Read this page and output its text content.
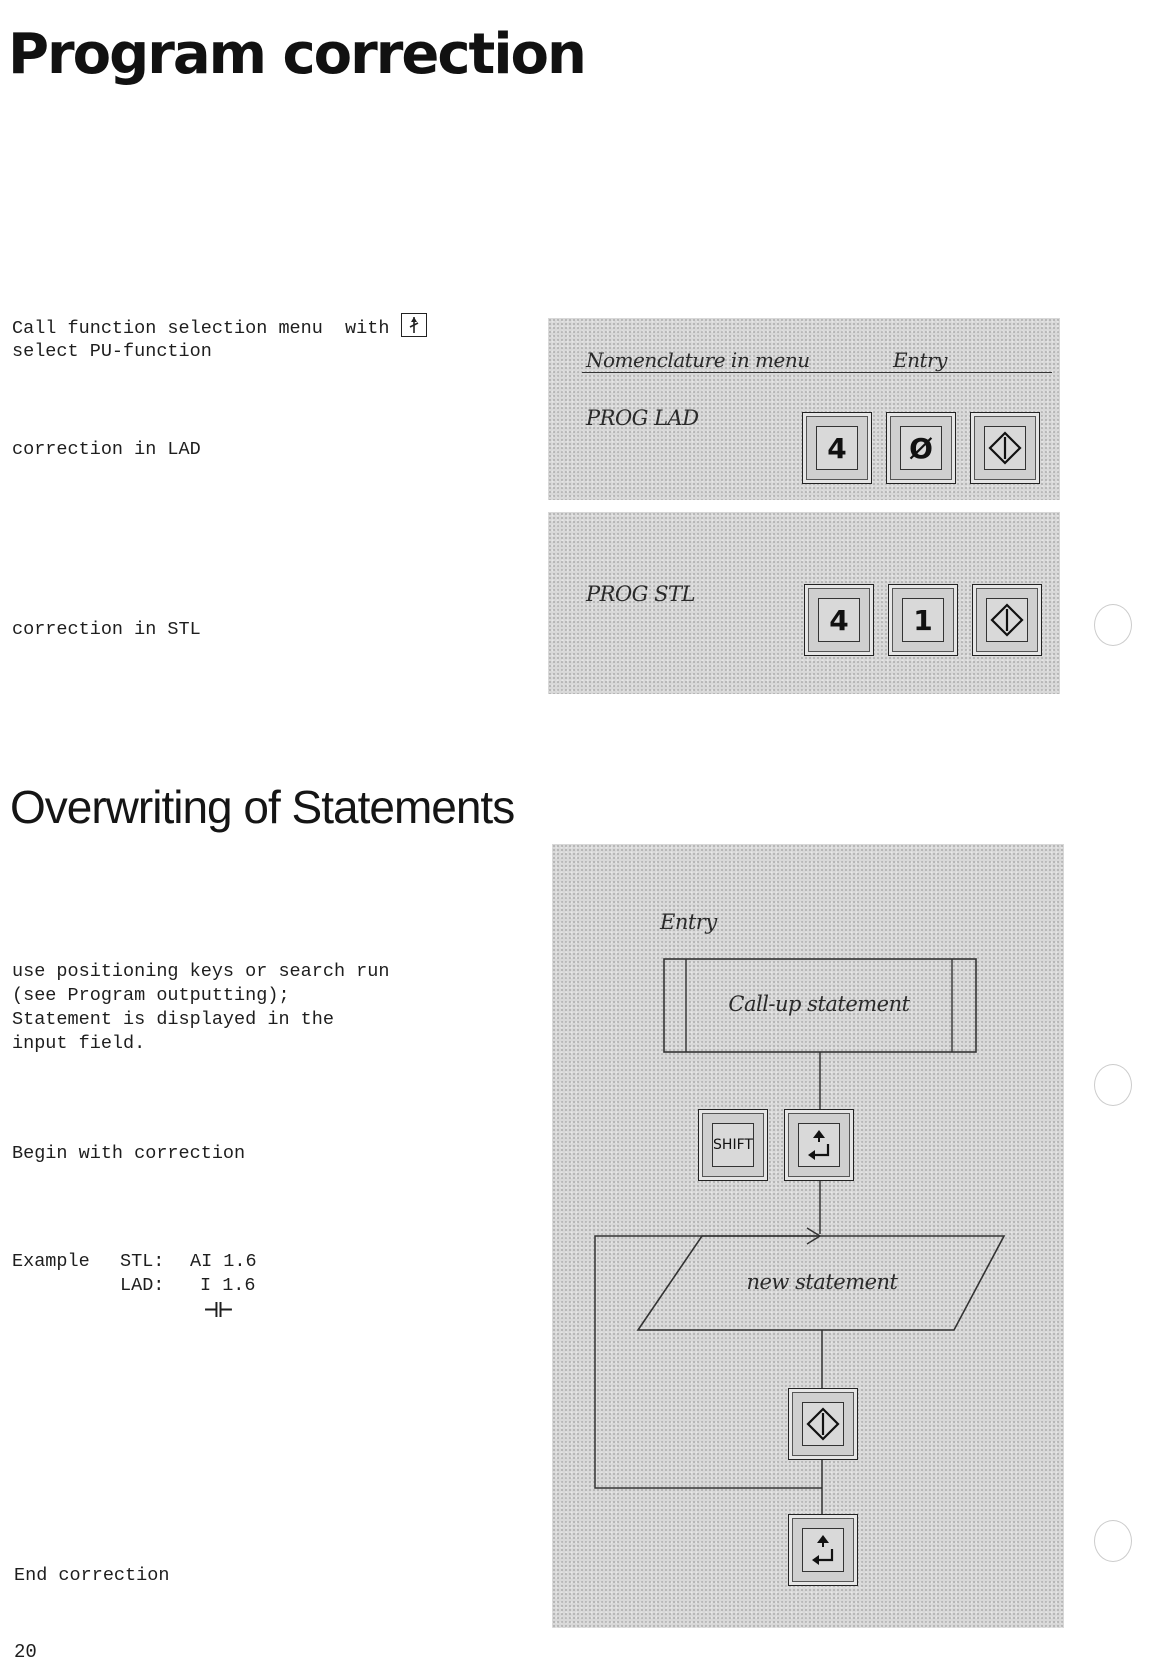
Program correction
Overwriting of Statements
Call function selection menu  with
select PU-function
correction in LAD
correction in STL
use positioning keys or search run
(see Program outputting);
Statement is displayed in the
input field.
Begin with correction
Example STL: AI 1.6
LAD: I 1.6
⊣⊢
End correction
20
Nomenclature in menu	Entry
PROG LAD
4	Ø
PROG STL
4	1
Entry
Call-up statement
SHIFT
new statement
